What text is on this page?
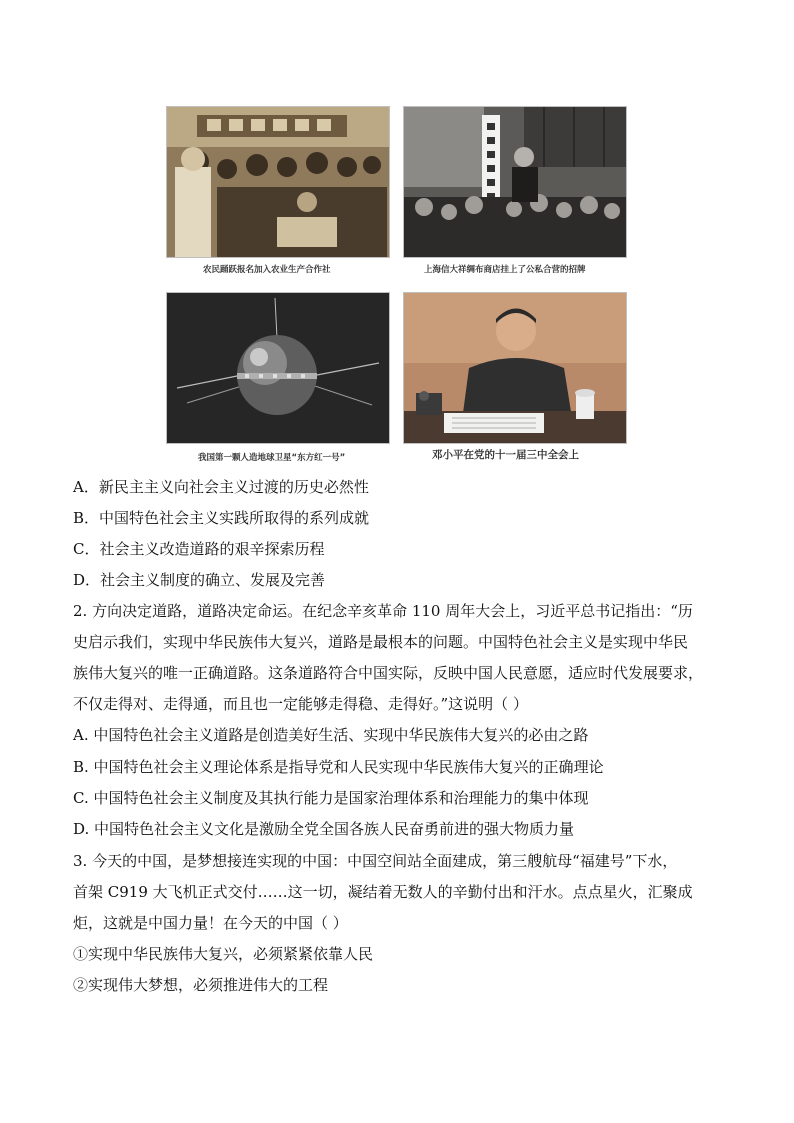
农民踊跃报名加入农业生产合作社	上海信大祥绸布商店挂上了公私合营的招牌
我国第一颗人造地球卫星“东方红一号”	邓小平在党的十一届三中全会上
A．新民主主义向社会主义过渡的历史必然性
B．中国特色社会主义实践所取得的系列成就
C．社会主义改造道路的艰辛探索历程
D．社会主义制度的确立、发展及完善
2. 方向决定道路，道路决定命运。在纪念辛亥革命 110 周年大会上，习近平总书记指出：“历
史启示我们，实现中华民族伟大复兴，道路是最根本的问题。中国特色社会主义是实现中华民
族伟大复兴的唯一正确道路。这条道路符合中国实际，反映中国人民意愿，适应时代发展要求，
不仅走得对、走得通，而且也一定能够走得稳、走得好。”这说明（ ）
A. 中国特色社会主义道路是创造美好生活、实现中华民族伟大复兴的必由之路
B. 中国特色社会主义理论体系是指导党和人民实现中华民族伟大复兴的正确理论
C. 中国特色社会主义制度及其执行能力是国家治理体系和治理能力的集中体现
D. 中国特色社会主义文化是激励全党全国各族人民奋勇前进的强大物质力量
3. 今天的中国，是梦想接连实现的中国：中国空间站全面建成，第三艘航母“福建号”下水，
首架 C919 大飞机正式交付……这一切，凝结着无数人的辛勤付出和汗水。点点星火，汇聚成
炬，这就是中国力量！在今天的中国（ ）
①实现中华民族伟大复兴，必须紧紧依靠人民
②实现伟大梦想，必须推进伟大的工程
